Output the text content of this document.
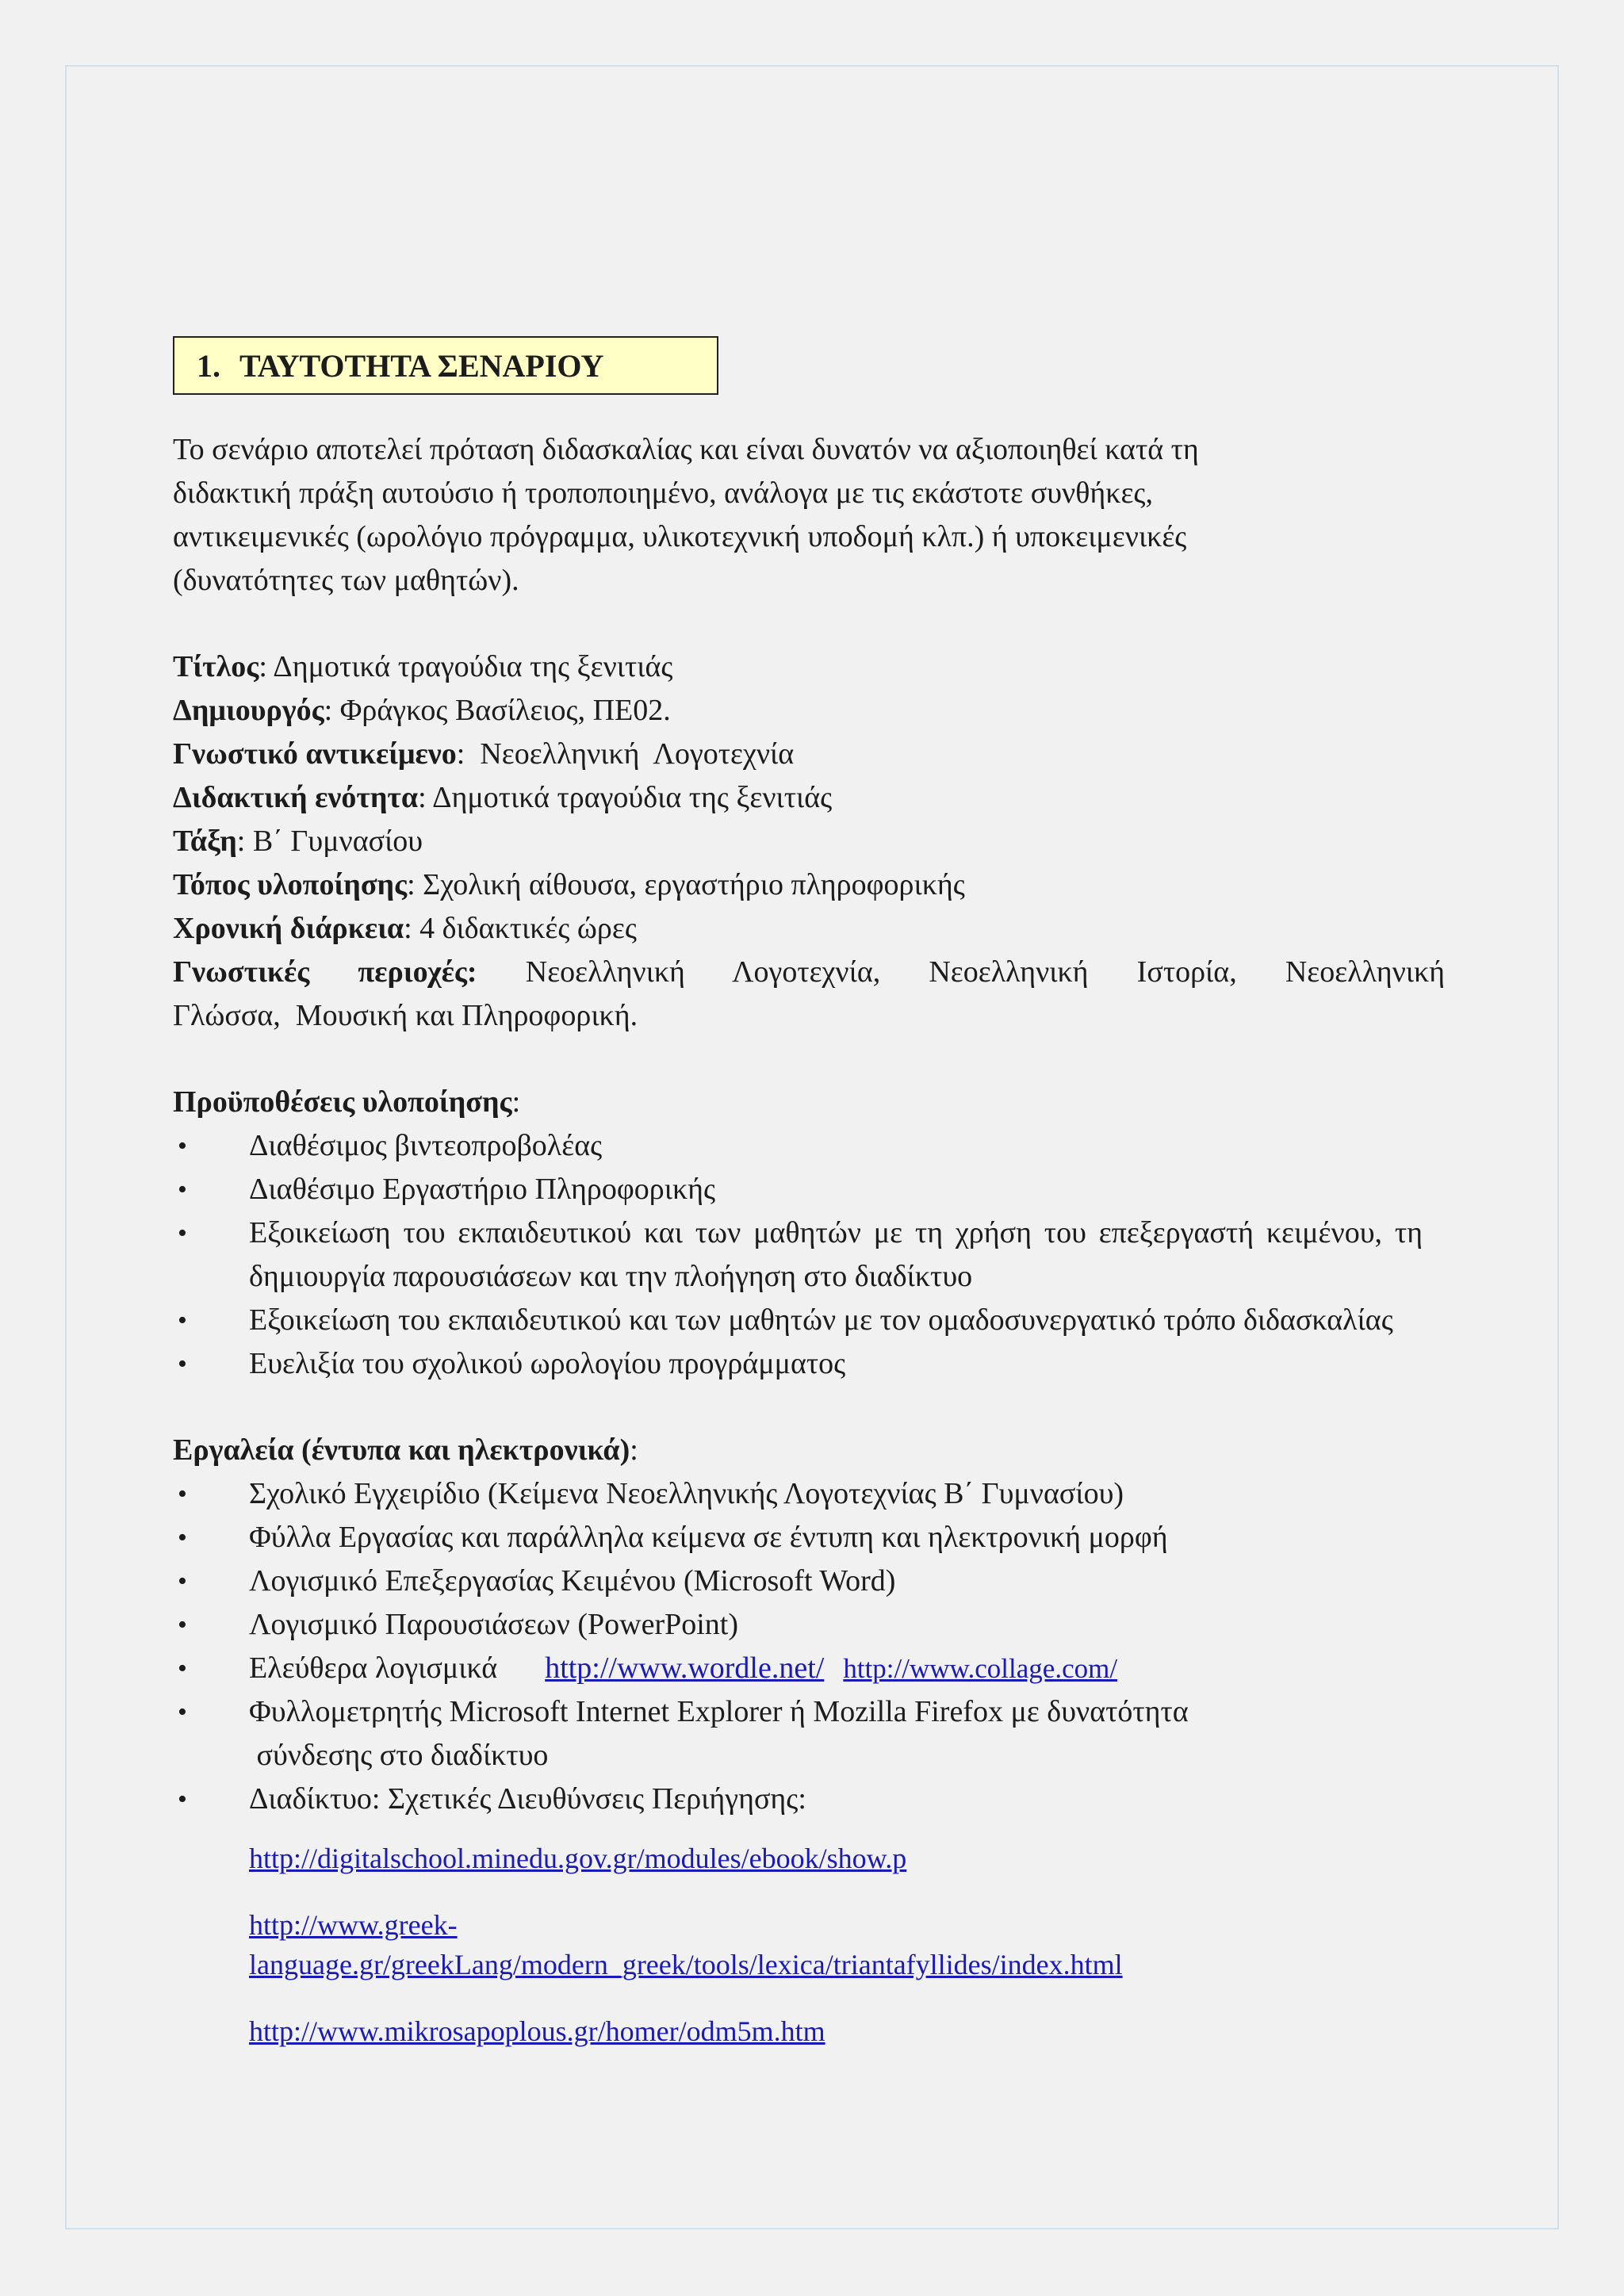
1. ΤΑΥΤΟΤΗΤΑ ΣΕΝΑΡΙΟΥ

Το σενάριο αποτελεί πρόταση διδασκαλίας και είναι δυνατόν να αξιοποιηθεί κατά τη

διδακτική πράξη αυτούσιο ή τροποποιημένο, ανάλογα με τις εκάστοτε συνθήκες,

αντικειμενικές (ωρολόγιο πρόγραμμα, υλικοτεχνική υποδομή κλπ.) ή υποκειμενικές

(δυνατότητες των μαθητών).

Τίτλος: Δημοτικά τραγούδια της ξενιτιάς
Δημιουργός: Φράγκος Βασίλειος, ΠΕ02.
Γνωστικό αντικείμενο:  Νεοελληνική  Λογοτεχνία
Διδακτική ενότητα: Δημοτικά τραγούδια της ξενιτιάς
Τάξη: Β΄ Γυμνασίου
Τόπος υλοποίησης: Σχολική αίθουσα, εργαστήριο πληροφορικής
Χρονική διάρκεια: 4 διδακτικές ώρες
Γνωστικές περιοχές: Νεοελληνική Λογοτεχνία, Νεοελληνική Ιστορία, Νεοελληνική
Γλώσσα,  Μουσική και Πληροφορική.
Προϋποθέσεις υλοποίησης:
• Διαθέσιμος βιντεοπροβολέας
• Διαθέσιμο Εργαστήριο Πληροφορικής
• Εξοικείωση του εκπαιδευτικού και των μαθητών με τη χρήση του επεξεργαστή κειμένου, τη δημιουργία παρουσιάσεων και την πλοήγηση στο διαδίκτυο
• Εξοικείωση του εκπαιδευτικού και των μαθητών με τον ομαδοσυνεργατικό τρόπο διδασκαλίας
• Ευελιξία του σχολικού ωρολογίου προγράμματος
Εργαλεία (έντυπα και ηλεκτρονικά):
• Σχολικό Εγχειρίδιο (Κείμενα Νεοελληνικής Λογοτεχνίας Β΄ Γυμνασίου)
• Φύλλα Εργασίας και παράλληλα κείμενα σε έντυπη και ηλεκτρονική μορφή
• Λογισμικό Επεξεργασίας Κειμένου (Microsoft Word)
• Λογισμικό Παρουσιάσεων (PowerPoint)
• Ελεύθερα λογισμικά http://www.wordle.net/ http://www.collage.com/
• Φυλλομετρητής Microsoft Internet Explorer ή Mozilla Firefox με δυνατότητα
σύνδεσης στο διαδίκτυο
• Διαδίκτυο: Σχετικές Διευθύνσεις Περιήγησης:
http://digitalschool.minedu.gov.gr/modules/ebook/show.p
http://www.greek-
language.gr/greekLang/modern_greek/tools/lexica/triantafyllides/index.html
http://www.mikrosapoplous.gr/homer/odm5m.htm
